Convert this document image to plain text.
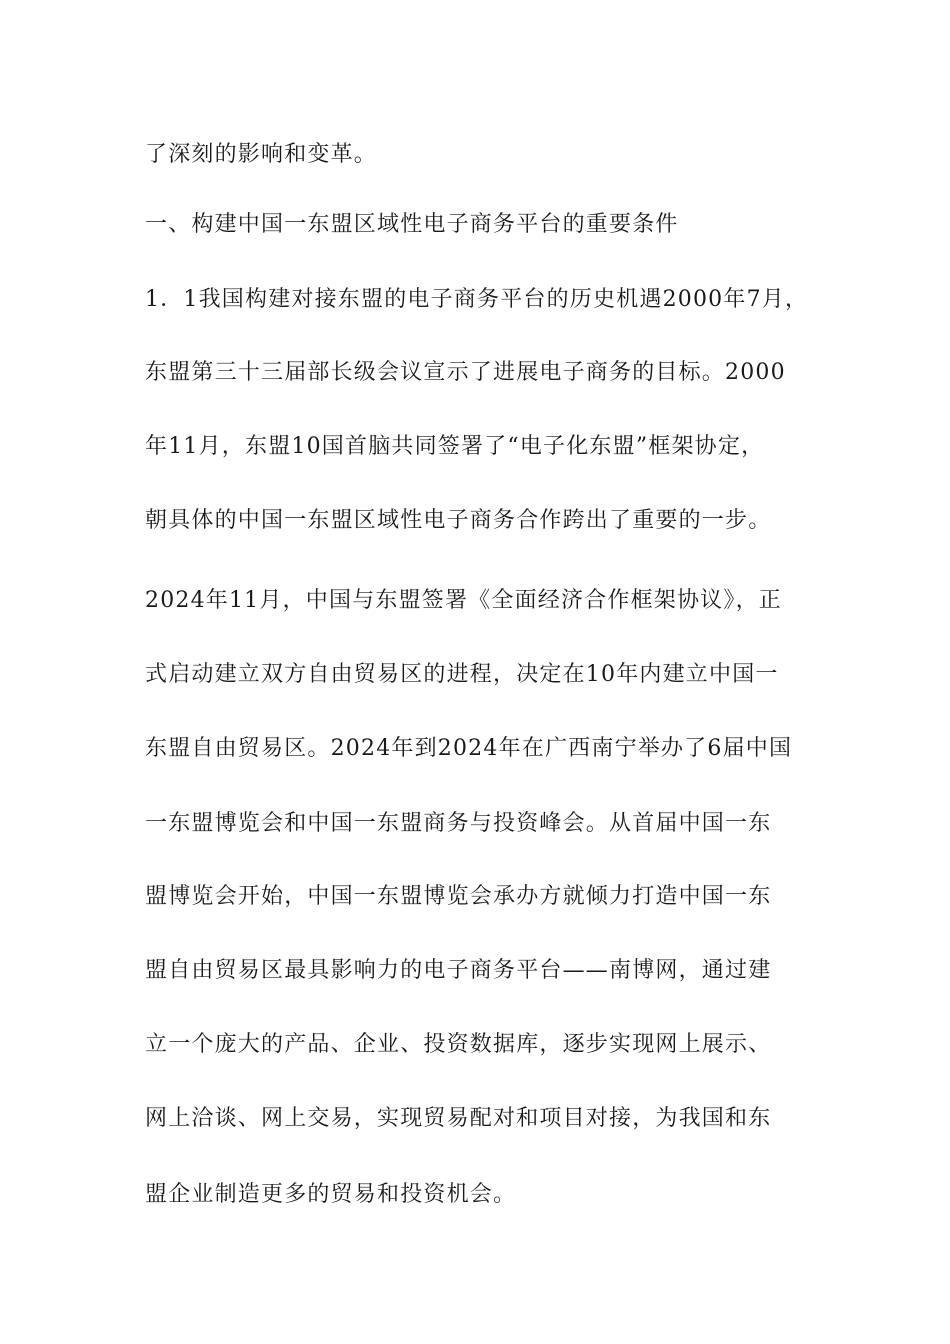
了深刻的影响和变革。
一、构建中国一东盟区域性电子商务平台的重要条件
1．1我国构建对接东盟的电子商务平台的历史机遇2000年7月，
东盟第三十三届部长级会议宣示了进展电子商务的目标。2000
年11月，东盟10国首脑共同签署了“电子化东盟”框架协定，
朝具体的中国一东盟区域性电子商务合作跨出了重要的一步。
2024年11月，中国与东盟签署《全面经济合作框架协议》，正
式启动建立双方自由贸易区的进程，决定在10年内建立中国一
东盟自由贸易区。2024年到2024年在广西南宁举办了6届中国
一东盟博览会和中国一东盟商务与投资峰会。从首届中国一东
盟博览会开始，中国一东盟博览会承办方就倾力打造中国一东
盟自由贸易区最具影响力的电子商务平台——南博网，通过建
立一个庞大的产品、企业、投资数据库，逐步实现网上展示、
网上洽谈、网上交易，实现贸易配对和项目对接，为我国和东
盟企业制造更多的贸易和投资机会。
